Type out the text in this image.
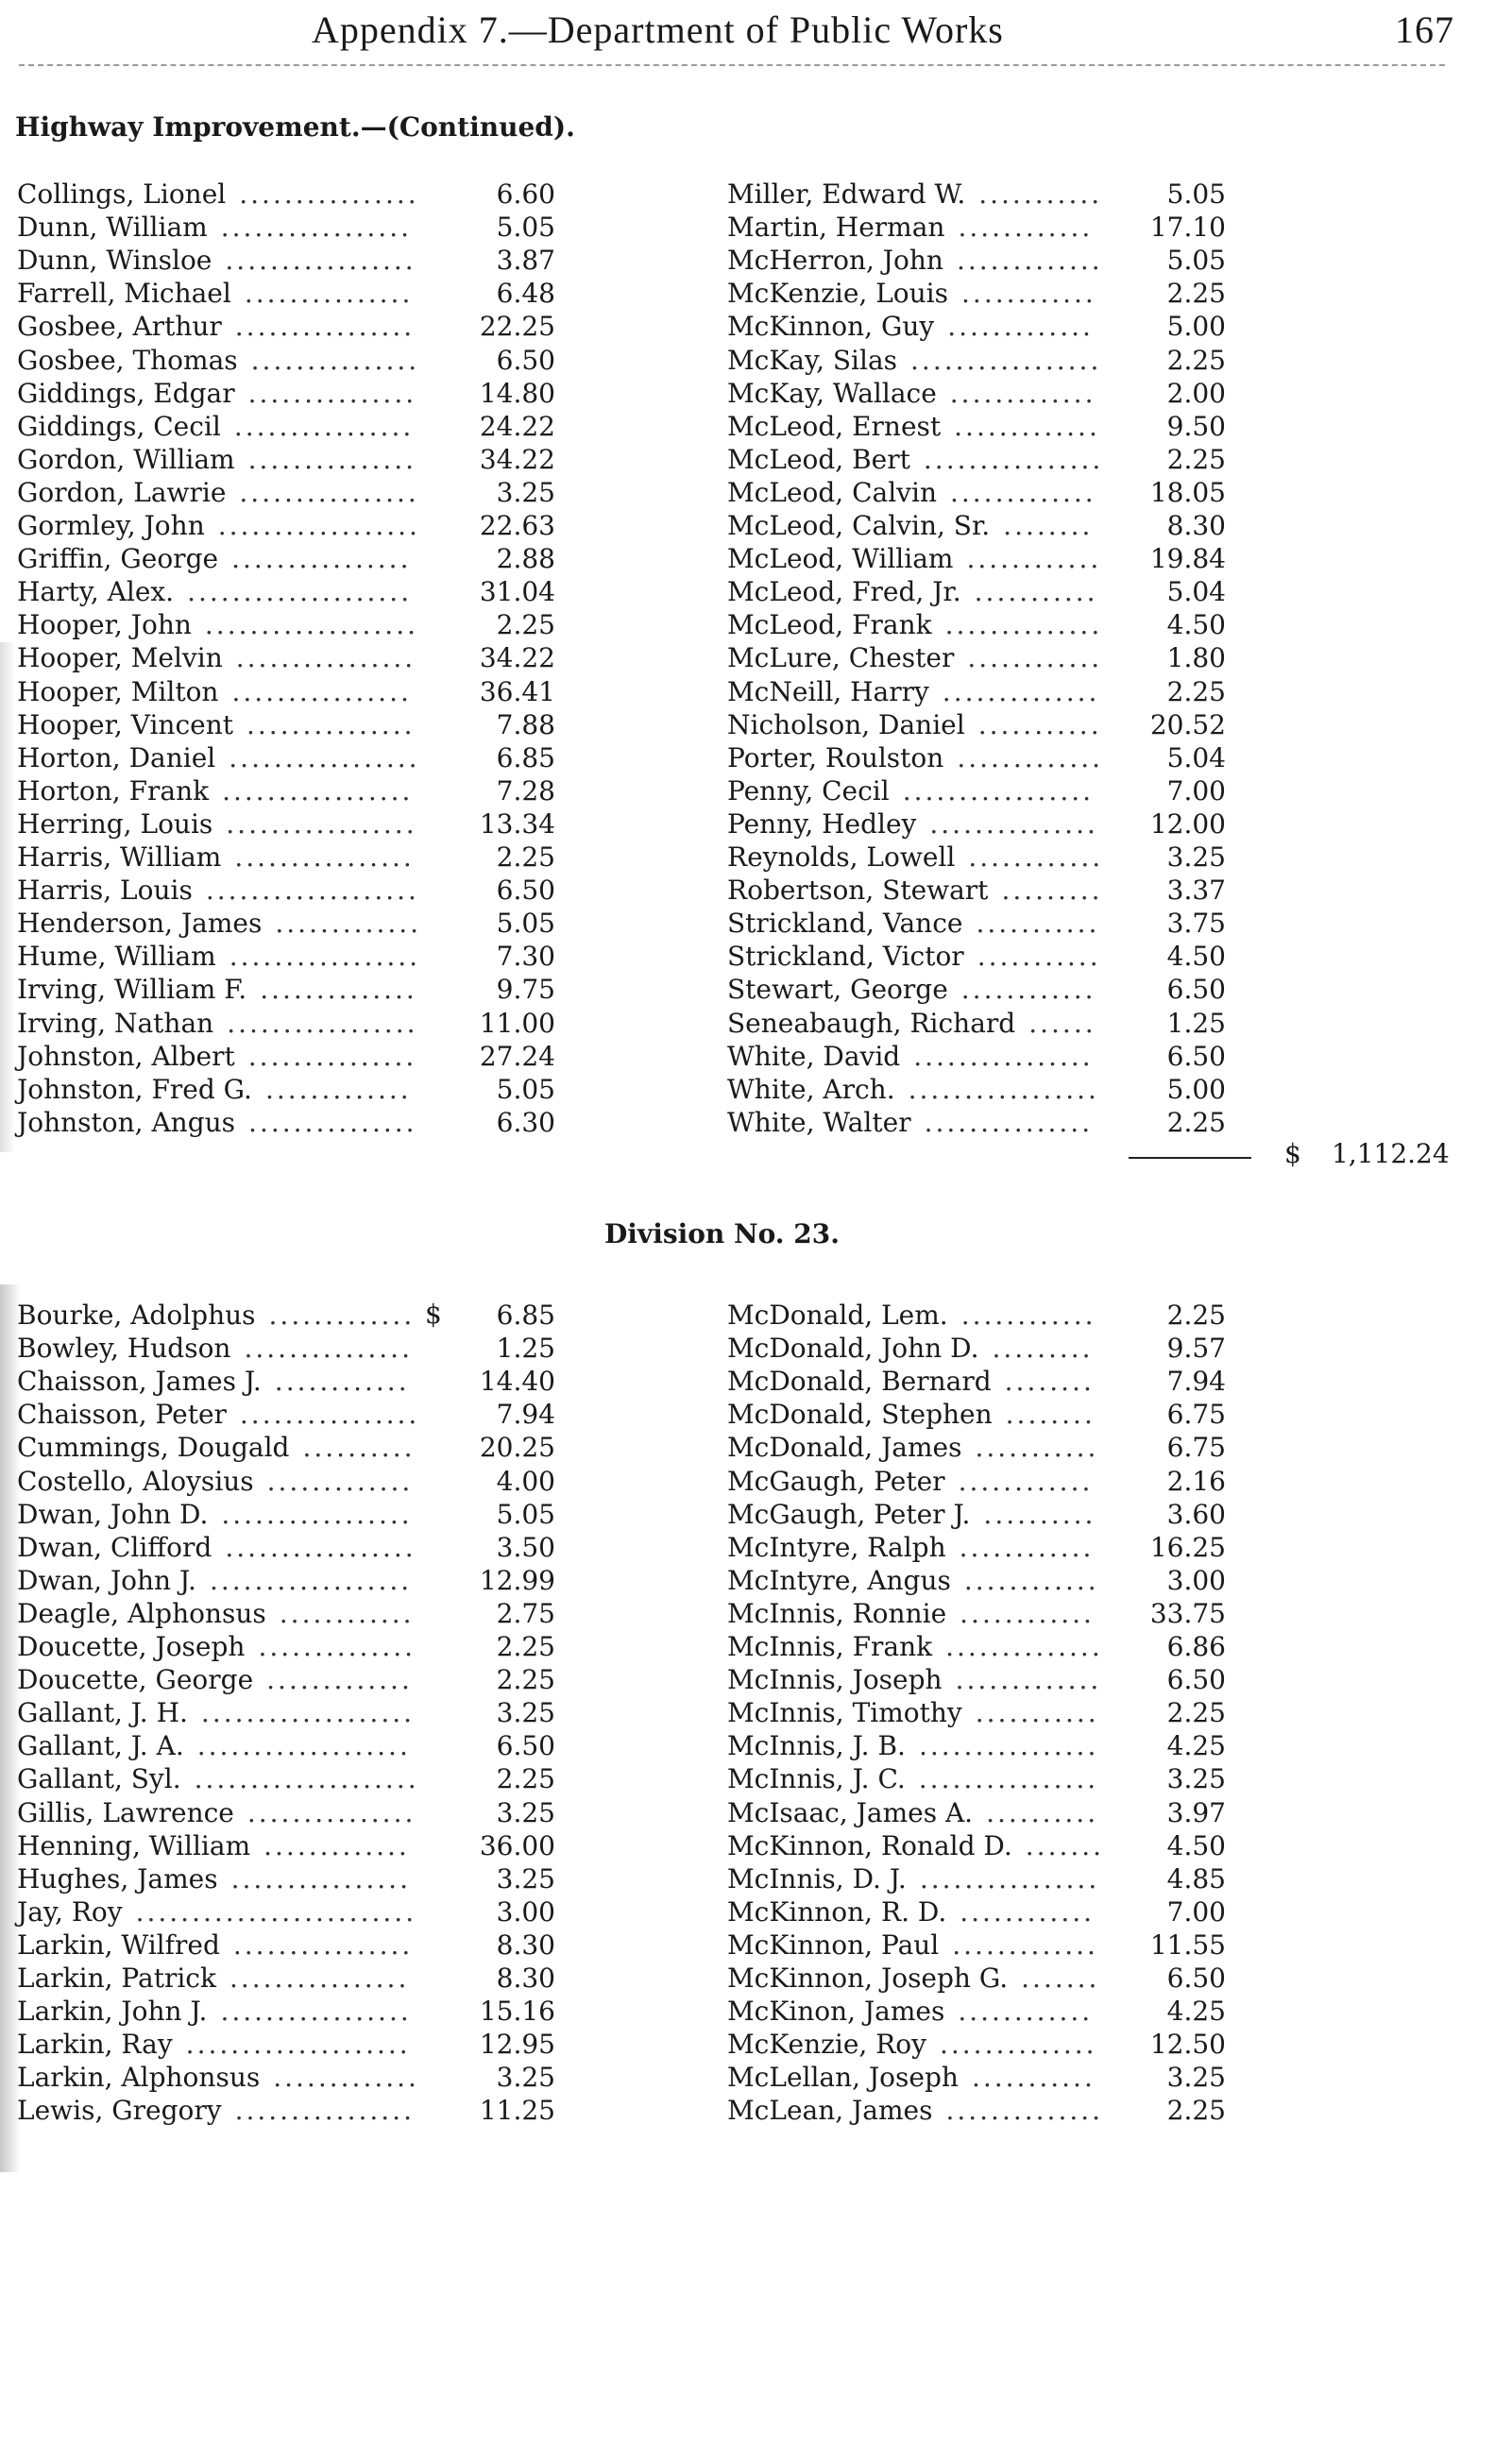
Appendix 7.—Department of Public Works	167
Highway Improvement.—(Continued).
Collings, Lionel ................	6.60
Dunn, William .................	5.05
Dunn, Winsloe .................	3.87
Farrell, Michael ...............	6.48
Gosbee, Arthur ................	22.25
Gosbee, Thomas ...............	6.50
Giddings, Edgar ...............	14.80
Giddings, Cecil ................	24.22
Gordon, William ...............	34.22
Gordon, Lawrie ................	3.25
Gormley, John ..................	22.63
Griffin, George ................	2.88
Harty, Alex. ....................	31.04
Hooper, John ...................	2.25
Hooper, Melvin ................	34.22
Hooper, Milton ................	36.41
Hooper, Vincent ...............	7.88
Horton, Daniel .................	6.85
Horton, Frank .................	7.28
Herring, Louis .................	13.34
Harris, William ................	2.25
Harris, Louis ...................	6.50
Henderson, James .............	5.05
Hume, William .................	7.30
Irving, William F. ..............	9.75
Irving, Nathan .................	11.00
Johnston, Albert ...............	27.24
Johnston, Fred G. .............	5.05
Johnston, Angus ...............	6.30
Miller, Edward W. ...........	5.05
Martin, Herman ............	17.10
McHerron, John .............	5.05
McKenzie, Louis ............	2.25
McKinnon, Guy .............	5.00
McKay, Silas .................	2.25
McKay, Wallace .............	2.00
McLeod, Ernest .............	9.50
McLeod, Bert ................	2.25
McLeod, Calvin .............	18.05
McLeod, Calvin, Sr. ........	8.30
McLeod, William ............	19.84
McLeod, Fred, Jr. ...........	5.04
McLeod, Frank ..............	4.50
McLure, Chester ............	1.80
McNeill, Harry ..............	2.25
Nicholson, Daniel ...........	20.52
Porter, Roulston .............	5.04
Penny, Cecil .................	7.00
Penny, Hedley ...............	12.00
Reynolds, Lowell ............	3.25
Robertson, Stewart .........	3.37
Strickland, Vance ...........	3.75
Strickland, Victor ...........	4.50
Stewart, George ............	6.50
Seneabaugh, Richard ......	1.25
White, David ................	6.50
White, Arch. .................	5.00
White, Walter ...............	2.25
$ 1,112.24
Division No. 23.
$
Bourke, Adolphus .............	6.85
Bowley, Hudson ...............	1.25
Chaisson, James J. ............	14.40
Chaisson, Peter ................	7.94
Cummings, Dougald ..........	20.25
Costello, Aloysius .............	4.00
Dwan, John D. .................	5.05
Dwan, Clifford .................	3.50
Dwan, John J. ..................	12.99
Deagle, Alphonsus ............	2.75
Doucette, Joseph ..............	2.25
Doucette, George .............	2.25
Gallant, J. H. ...................	3.25
Gallant, J. A. ...................	6.50
Gallant, Syl. ....................	2.25
Gillis, Lawrence ...............	3.25
Henning, William .............	36.00
Hughes, James ................	3.25
Jay, Roy .........................	3.00
Larkin, Wilfred ................	8.30
Larkin, Patrick ................	8.30
Larkin, John J. .................	15.16
Larkin, Ray ....................	12.95
Larkin, Alphonsus .............	3.25
Lewis, Gregory ................	11.25
McDonald, Lem. ............	2.25
McDonald, John D. .........	9.57
McDonald, Bernard ........	7.94
McDonald, Stephen ........	6.75
McDonald, James ...........	6.75
McGaugh, Peter ............	2.16
McGaugh, Peter J. ..........	3.60
McIntyre, Ralph ............	16.25
McIntyre, Angus ............	3.00
McInnis, Ronnie ............	33.75
McInnis, Frank ..............	6.86
McInnis, Joseph .............	6.50
McInnis, Timothy ...........	2.25
McInnis, J. B. ................	4.25
McInnis, J. C. ................	3.25
McIsaac, James A. ..........	3.97
McKinnon, Ronald D. .......	4.50
McInnis, D. J. ................	4.85
McKinnon, R. D. ............	7.00
McKinnon, Paul .............	11.55
McKinnon, Joseph G. .......	6.50
McKinon, James ............	4.25
McKenzie, Roy ..............	12.50
McLellan, Joseph ...........	3.25
McLean, James ..............	2.25
